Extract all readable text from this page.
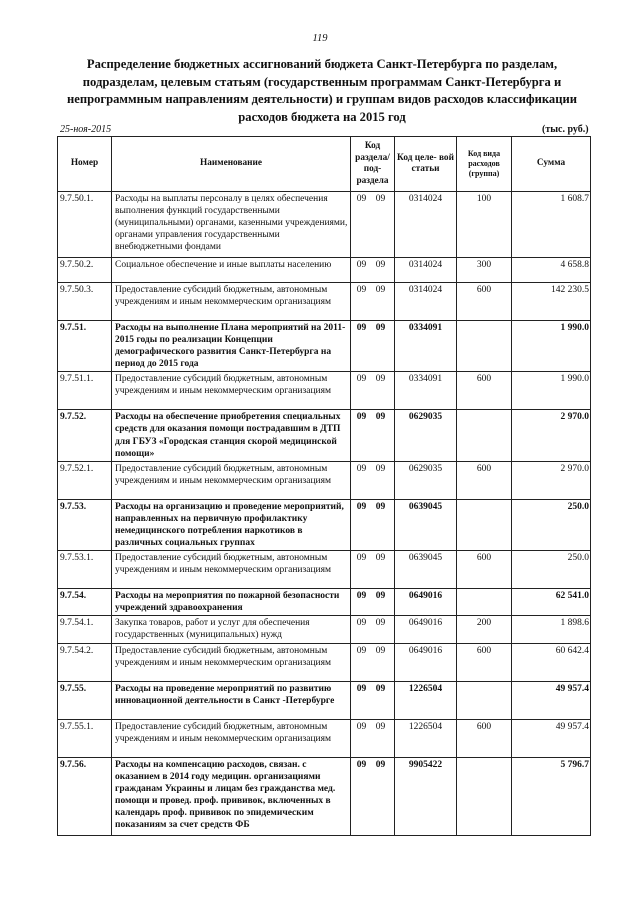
119
Распределение бюджетных ассигнований бюджета Санкт-Петербурга по разделам, подразделам, целевым статьям (государственным программам Санкт-Петербурга и непрограммным направлениям деятельности) и группам видов расходов классификации расходов бюджета на 2015 год
25-ноя-2015	(тыс. руб.)
Номер	Наименование	Код раздела/ под- раздела	Код целе- вой статьи	Код вида расходов (группа)	Сумма
9.7.50.1.	Расходы на выплаты персоналу в целях обеспечения выполнения функций государственными (муниципальными) органами, казенными учреждениями, органами управления государственными внебюджетными фондами	09 09	0314024	100	1 608.7
9.7.50.2.	Социальное обеспечение и иные выплаты населению	09 09	0314024	300	4 658.8
9.7.50.3.	Предоставление субсидий бюджетным, автономным учреждениям и иным некоммерческим организациям	09 09	0314024	600	142 230.5
9.7.51.	Расходы на выполнение Плана мероприятий на 2011-2015 годы по реализации Концепции демографического развития Санкт-Петербурга на период до 2015 года	09 09	0334091		1 990.0
9.7.51.1.	Предоставление субсидий бюджетным, автономным учреждениям и иным некоммерческим организациям	09 09	0334091	600	1 990.0
9.7.52.	Расходы на обеспечение приобретения специальных средств для оказания помощи пострадавшим в ДТП для ГБУЗ «Городская станция скорой медицинской помощи»	09 09	0629035		2 970.0
9.7.52.1.	Предоставление субсидий бюджетным, автономным учреждениям и иным некоммерческим организациям	09 09	0629035	600	2 970.0
9.7.53.	Расходы на организацию и проведение мероприятий, направленных на первичную профилактику немедицинского потребления наркотиков в различных социальных группах	09 09	0639045		250.0
9.7.53.1.	Предоставление субсидий бюджетным, автономным учреждениям и иным некоммерческим организациям	09 09	0639045	600	250.0
9.7.54.	Расходы на мероприятия по пожарной безопасности учреждений здравоохранения	09 09	0649016		62 541.0
9.7.54.1.	Закупка товаров, работ и услуг для обеспечения государственных (муниципальных) нужд	09 09	0649016	200	1 898.6
9.7.54.2.	Предоставление субсидий бюджетным, автономным учреждениям и иным некоммерческим организациям	09 09	0649016	600	60 642.4
9.7.55.	Расходы на проведение мероприятий по развитию инновационной деятельности в Санкт -Петербурге	09 09	1226504		49 957.4
9.7.55.1.	Предоставление субсидий бюджетным, автономным учреждениям и иным некоммерческим организациям	09 09	1226504	600	49 957.4
9.7.56.	Расходы на компенсацию расходов, связан. с оказанием в 2014 году медицин. организациями гражданам Украины и лицам без гражданства мед. помощи и провед. проф. прививок, включенных в календарь проф. прививок по эпидемическим показаниям за счет средств ФБ	09 09	9905422		5 796.7
